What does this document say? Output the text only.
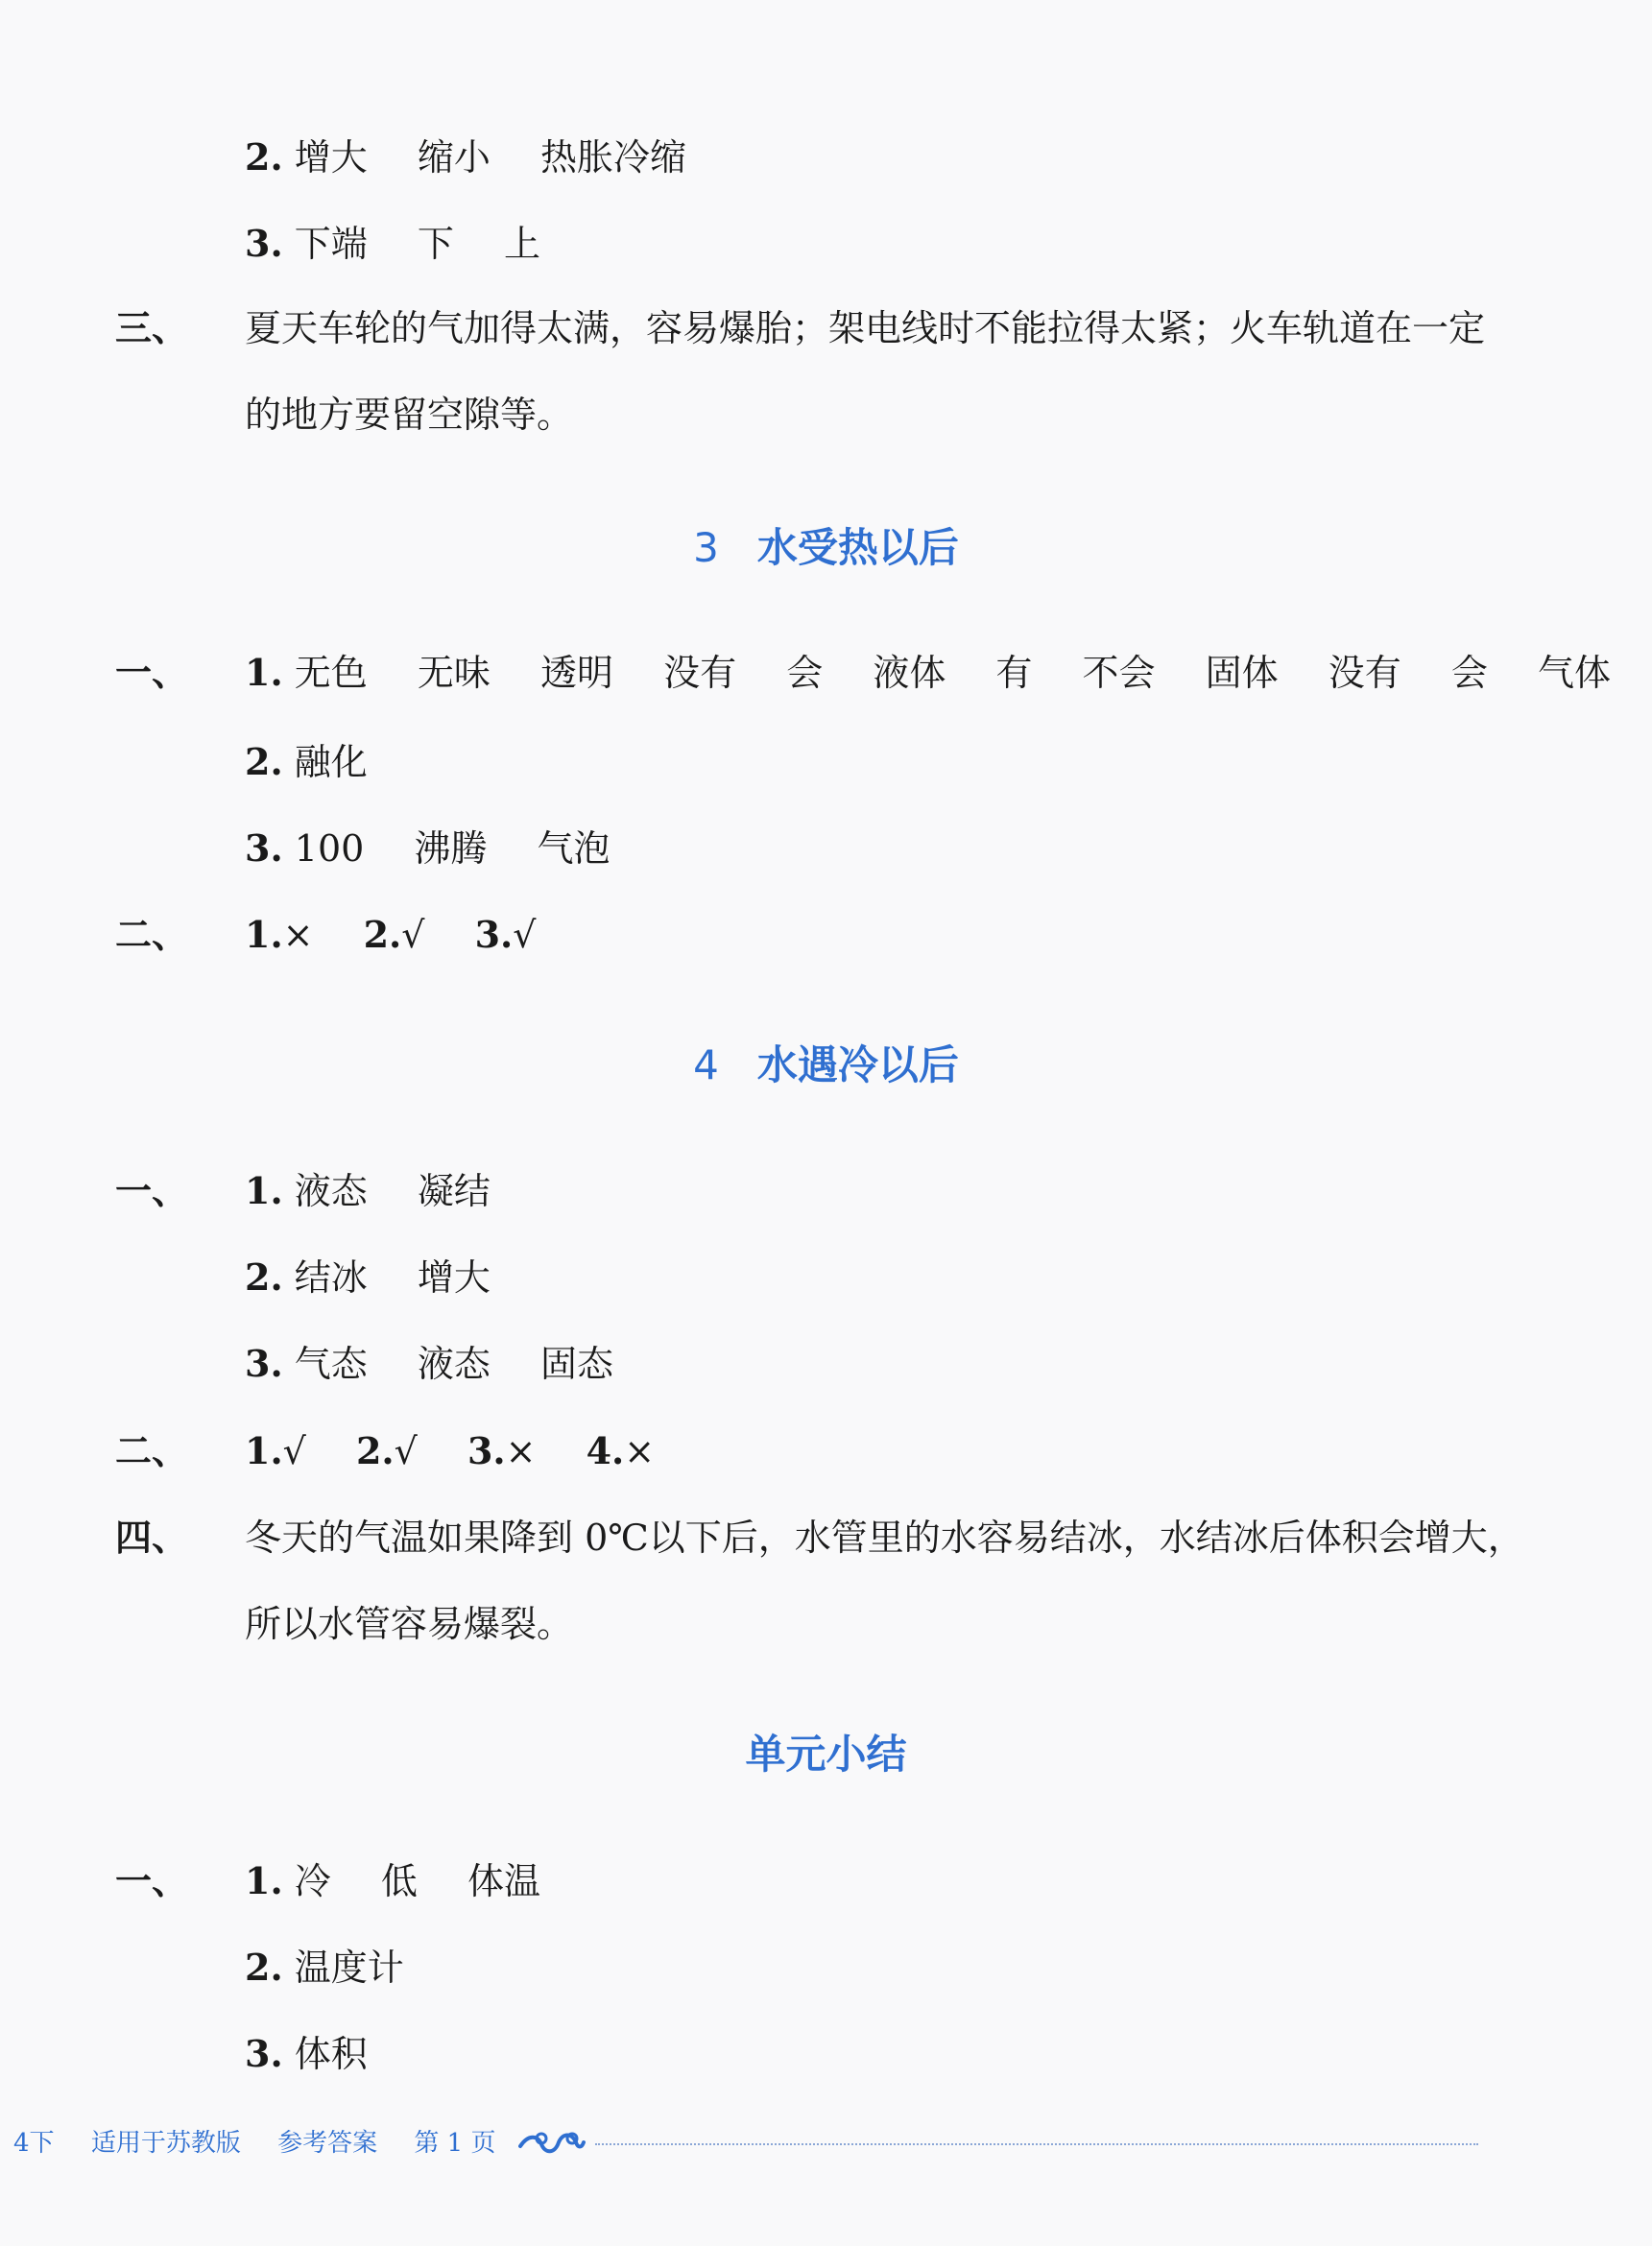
2. 增大 缩小 热胀冷缩
3. 下端 下 上
三、 夏天车轮的气加得太满，容易爆胎；架电线时不能拉得太紧；火车轨道在一定
的地方要留空隙等。
3 水受热以后
一、 1. 无色 无味 透明 没有 会 液体 有 不会 固体 没有 会 气体
2. 融化
3. 100 沸腾 气泡
二、 1.× 2.√ 3.√
4 水遇冷以后
一、 1. 液态 凝结
2. 结冰 增大
3. 气态 液态 固态
二、 1.√ 2.√ 3.× 4.×
四、 冬天的气温如果降到 0℃以下后，水管里的水容易结冰，水结冰后体积会增大，
所以水管容易爆裂。
单元小结
一、 1. 冷 低 体温
2. 温度计
3. 体积
4下 适用于苏教版 参考答案 第 1 页
